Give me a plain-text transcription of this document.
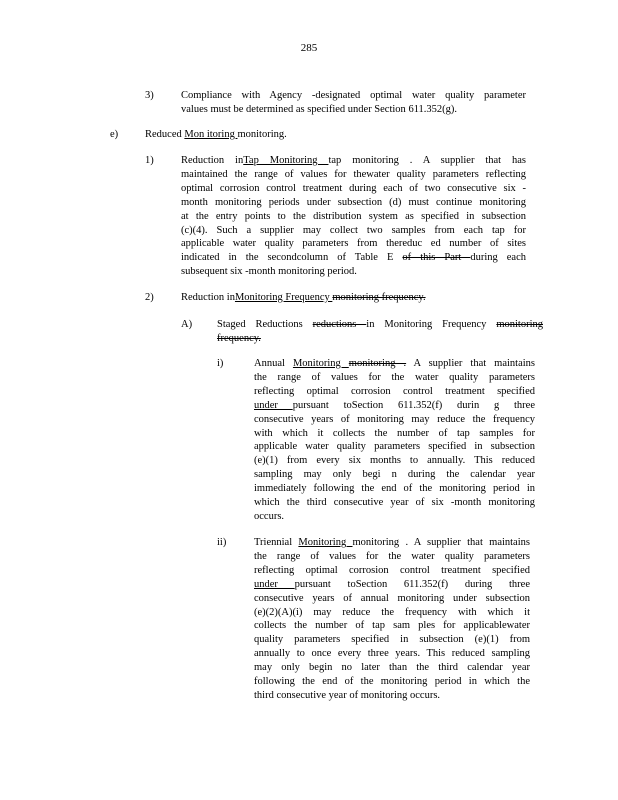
285
3)	Compliance with Agency -designated optimal water quality parameter
values must be determined as specified under Section 611.352(g).
e)	Reduced Mon itoring monitoring.
1)	Reduction inTap Monitoring tap monitoring . A supplier that has
maintained the range of values for thewater quality parameters reflecting
optimal corrosion control treatment during each of two consecutive six -
month monitoring periods under subsection (d) must continue monitoring
at the entry points to the distribution system as specified in subsection
(c)(4). Such a supplier may collect two samples from each tap for
applicable water quality parameters from thereduc ed number of sites
indicated in the secondcolumn of Table E of this Part during each
subsequent six -month monitoring period.
2)	Reduction inMonitoring Frequency monitoring frequency.
A) Staged Reductions reductions in Monitoring Frequency monitoring
frequency.
i)	Annual Monitoring monitoring . A supplier that maintains
the range of values for the water quality parameters
reflecting optimal corrosion control treatment specified
under pursuant toSection 611.352(f) durin g three
consecutive years of monitoring may reduce the frequency
with which it collects the number of tap samples for
applicable water quality parameters specified in subsection
(e)(1) from every six months to annually. This reduced
sampling may only begi n during the calendar year
immediately following the end of the monitoring period in
which the third consecutive year of six -month monitoring
occurs.
ii)	Triennial Monitoring monitoring . A supplier that maintains
the range of values for the water quality parameters
reflecting optimal corrosion control treatment specified
under pursuant toSection 611.352(f) during three
consecutive years of annual monitoring under subsection
(e)(2)(A)(i) may reduce the frequency with which it
collects the number of tap sam ples for applicablewater
quality parameters specified in subsection (e)(1) from
annually to once every three years. This reduced sampling
may only begin no later than the third calendar year
following the end of the monitoring period in which the
third consecutive year of monitoring occurs.
